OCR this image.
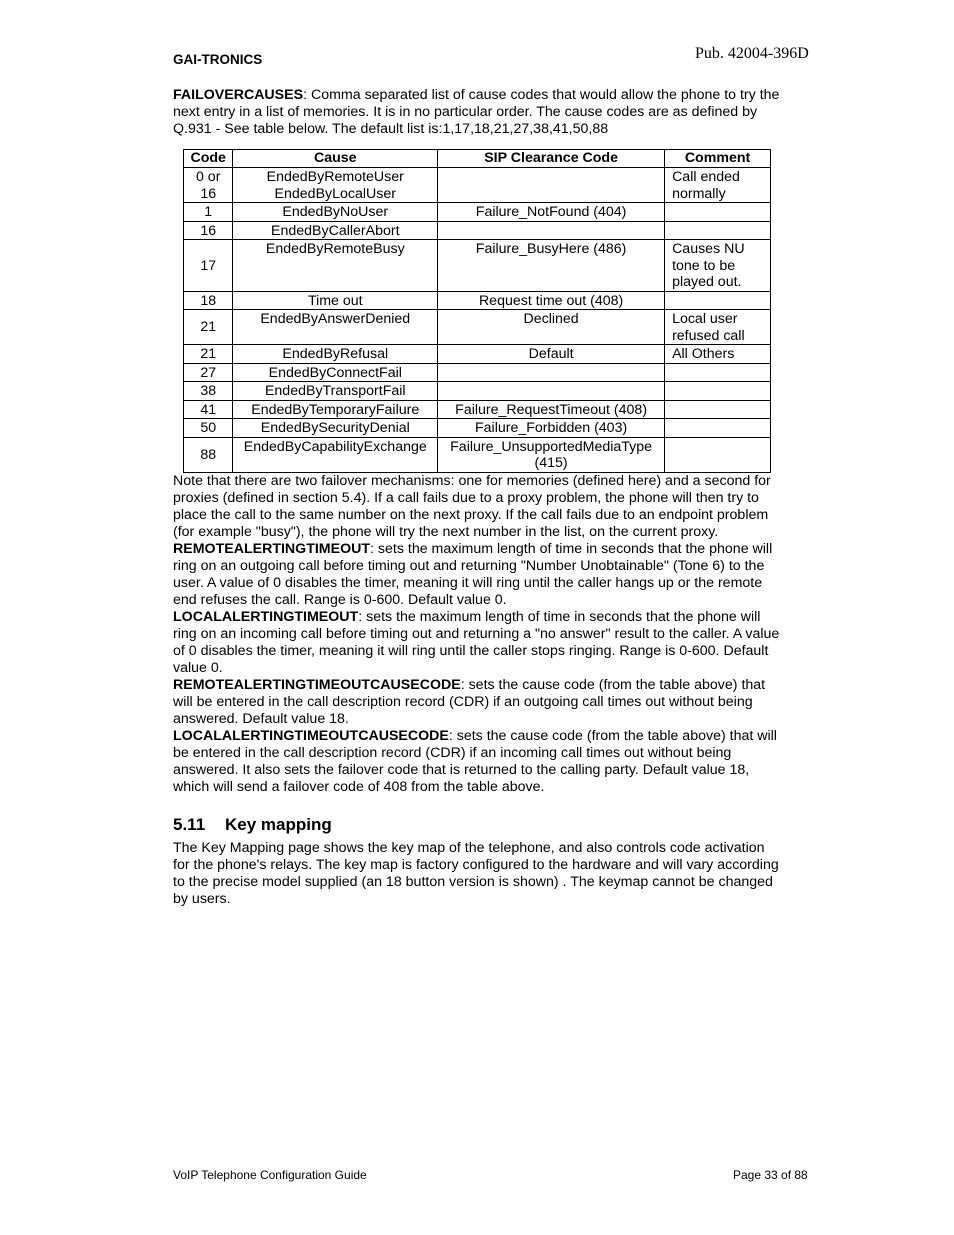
GAI-TRONICS	Pub. 42004-396D

FAILOVERCAUSES: Comma separated list of cause codes that would allow the phone to try the next entry in a list of memories. It is in no particular order. The cause codes are as defined by Q.931 - See table below. The default list is:1,17,18,21,27,38,41,50,88

Code	Cause	SIP Clearance Code	Comment
0 or 16	EndedByRemoteUser EndedByLocalUser		Call ended normally
1	EndedByNoUser	Failure_NotFound (404)	
16	EndedByCallerAbort		
17	EndedByRemoteBusy	Failure_BusyHere (486)	Causes NU tone to be played out.
18	Time out	Request time out (408)	
21	EndedByAnswerDenied	Declined	Local user refused call
21	EndedByRefusal	Default	All Others
27	EndedByConnectFail		
38	EndedByTransportFail		
41	EndedByTemporaryFailure	Failure_RequestTimeout (408)	
50	EndedBySecurityDenial	Failure_Forbidden (403)	
88	EndedByCapabilityExchange	Failure_UnsupportedMediaType (415)	

Note that there are two failover mechanisms: one for memories (defined here) and a second for proxies (defined in section 5.4). If a call fails due to a proxy problem, the phone will then try to place the call to the same number on the next proxy. If the call fails due to an endpoint problem (for example "busy"), the phone will try the next number in the list, on the current proxy.

REMOTEALERTINGTIMEOUT: sets the maximum length of time in seconds that the phone will ring on an outgoing call before timing out and returning "Number Unobtainable" (Tone 6) to the user. A value of 0 disables the timer, meaning it will ring until the caller hangs up or the remote end refuses the call. Range is 0-600. Default value 0.

LOCALALERTINGTIMEOUT: sets the maximum length of time in seconds that the phone will ring on an incoming call before timing out and returning a "no answer" result to the caller. A value of 0 disables the timer, meaning it will ring until the caller stops ringing. Range is 0-600. Default value 0.

REMOTEALERTINGTIMEOUTCAUSECODE: sets the cause code (from the table above) that will be entered in the call description record (CDR) if an outgoing call times out without being answered. Default value 18.

LOCALALERTINGTIMEOUTCAUSECODE: sets the cause code (from the table above) that will be entered in the call description record (CDR) if an incoming call times out without being answered. It also sets the failover code that is returned to the calling party. Default value 18, which will send a failover code of 408 from the table above.

5.11 Key mapping

The Key Mapping page shows the key map of the telephone, and also controls code activation for the phone's relays. The key map is factory configured to the hardware and will vary according to the precise model supplied (an 18 button version is shown) . The keymap cannot be changed by users.

VoIP Telephone Configuration Guide	Page 33 of 88
